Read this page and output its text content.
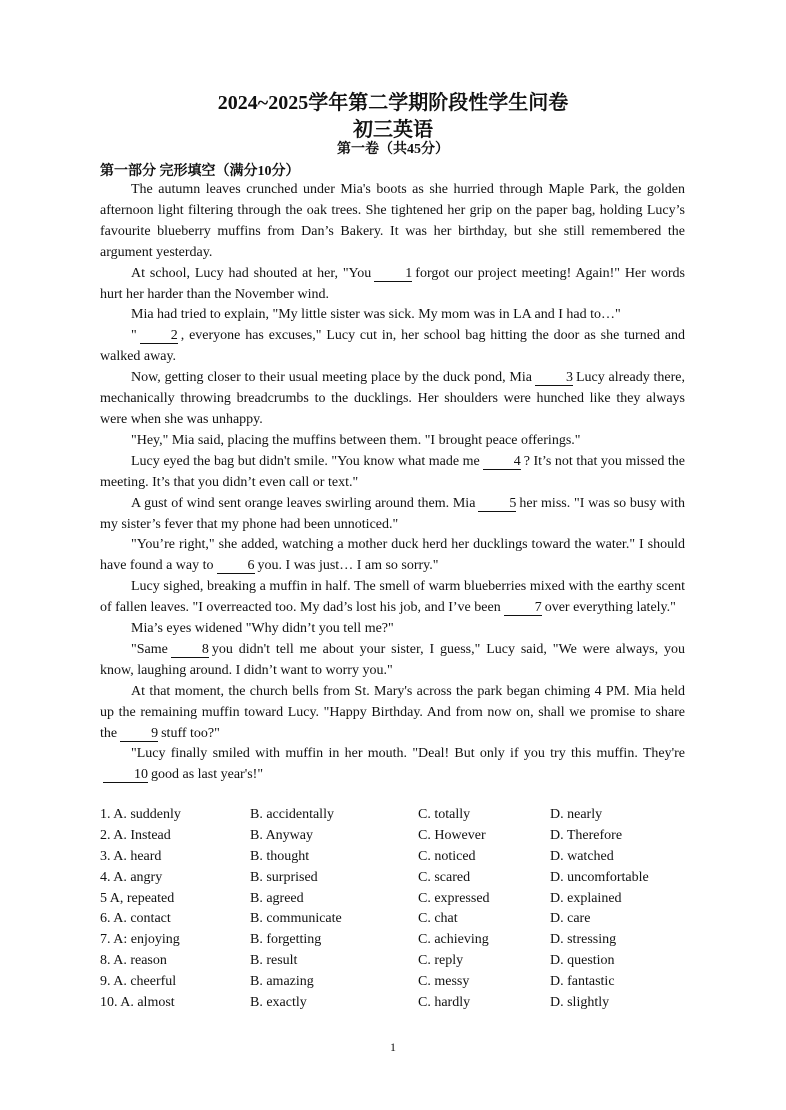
2024~2025学年第二学期阶段性学生问卷
初三英语
第一卷（共45分）
第一部分 完形填空（满分10分）

The autumn leaves crunched under Mia's boots as she hurried through Maple Park, the golden afternoon light filtering through the oak trees. She tightened her grip on the paper bag, holding Lucy’s favourite blueberry muffins from Dan’s Bakery. It was her birthday, but she still remembered the argument yesterday.

At school, Lucy had shouted at her, "You 1 forgot our project meeting! Again!" Her words hurt her harder than the November wind.

Mia had tried to explain, "My little sister was sick. My mom was in LA and I had to…"

" 2 , everyone has excuses," Lucy cut in, her school bag hitting the door as she turned and walked away.

Now, getting closer to their usual meeting place by the duck pond, Mia 3 Lucy already there, mechanically throwing breadcrumbs to the ducklings. Her shoulders were hunched like they always were when she was unhappy.

"Hey," Mia said, placing the muffins between them. "I brought peace offerings."

Lucy eyed the bag but didn't smile. "You know what made me 4 ? It’s not that you missed the meeting. It’s that you didn’t even call or text."

A gust of wind sent orange leaves swirling around them. Mia 5 her miss. "I was so busy with my sister’s fever that my phone had been unnoticed."

"You’re right," she added, watching a mother duck herd her ducklings toward the water." I should have found a way to 6 you. I was just… I am so sorry."

Lucy sighed, breaking a muffin in half. The smell of warm blueberries mixed with the earthy scent of fallen leaves. "I overreacted too. My dad’s lost his job, and I’ve been 7 over everything lately."

Mia’s eyes widened "Why didn’t you tell me?"

"Same 8 you didn't tell me about your sister, I guess," Lucy said, "We were always, you know, laughing around. I didn’t want to worry you."

At that moment, the church bells from St. Mary's across the park began chiming 4 PM. Mia held up the remaining muffin toward Lucy. "Happy Birthday. And from now on, shall we promise to share the 9 stuff too?"

"Lucy finally smiled with muffin in her mouth. "Deal! But only if you try this muffin. They're10 good as last year's!"

1. A. suddenly	B. accidentally	C. totally	D. nearly
2. A. Instead	B. Anyway	C. However	D. Therefore
3. A. heard	B. thought	C. noticed	D. watched
4. A. angry	B. surprised	C. scared	D. uncomfortable
5 A, repeated	B. agreed	C. expressed	D. explained
6. A. contact	B. communicate	C. chat	D. care
7. A: enjoying	B. forgetting	C. achieving	D. stressing
8. A. reason	B. result	C. reply	D. question
9. A. cheerful	B. amazing	C. messy	D. fantastic
10. A. almost	B. exactly	C. hardly	D. slightly
1
